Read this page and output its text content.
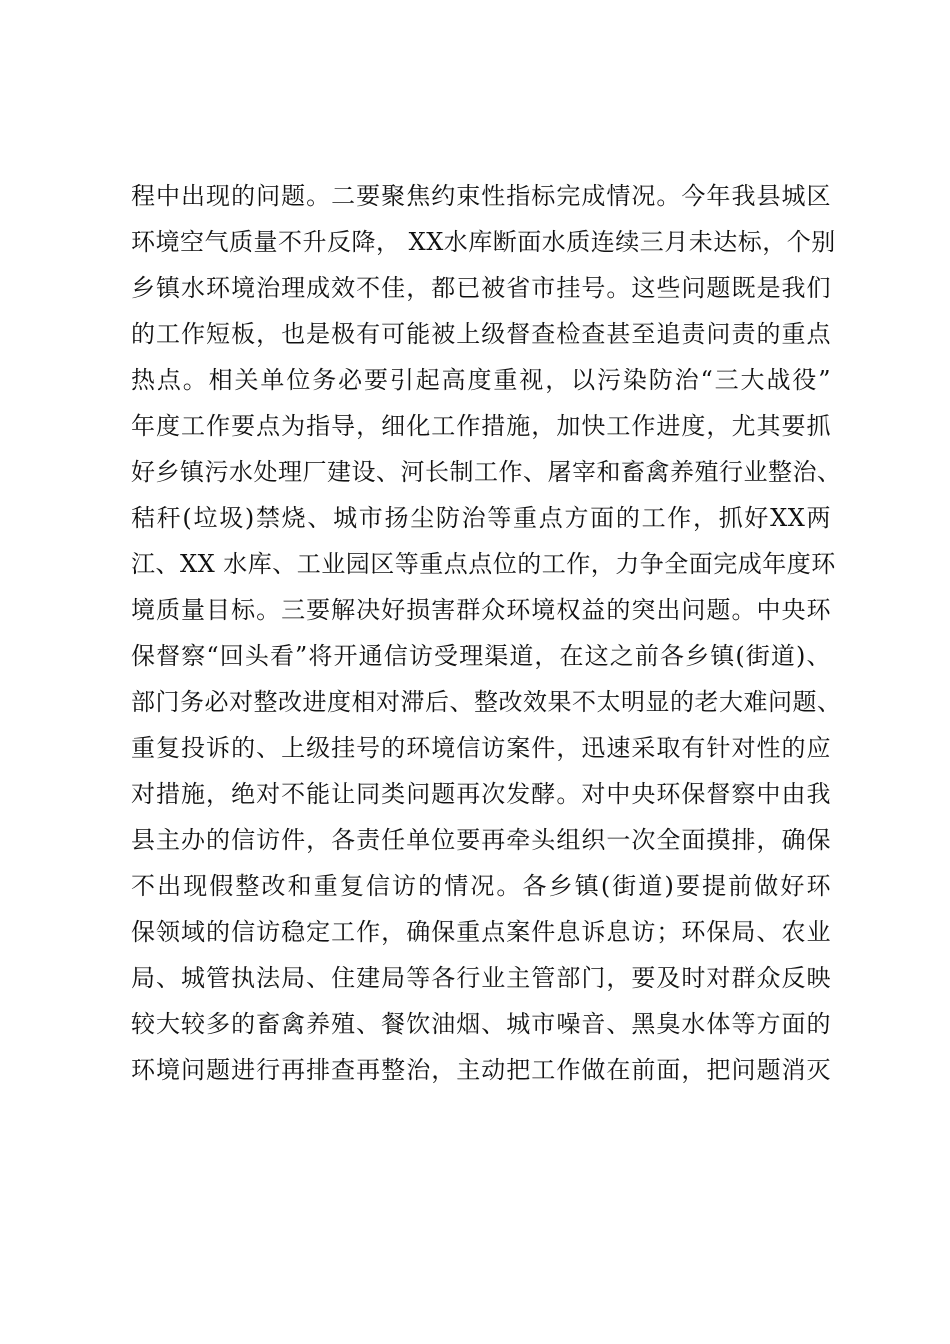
程中出现的问题。二要聚焦约束性指标完成情况。今年我县城区
环境空气质量不升反降， XX水库断面水质连续三月未达标，个别
乡镇水环境治理成效不佳，都已被省市挂号。这些问题既是我们
的工作短板，也是极有可能被上级督查检查甚至追责问责的重点
热点。相关单位务必要引起高度重视，以污染防治“三大战役”
年度工作要点为指导，细化工作措施，加快工作进度，尤其要抓
好乡镇污水处理厂建设、河长制工作、屠宰和畜禽养殖行业整治、
秸秆(垃圾)禁烧、城市扬尘防治等重点方面的工作，抓好XX两
江、XX 水库、工业园区等重点点位的工作，力争全面完成年度环
境质量目标。三要解决好损害群众环境权益的突出问题。中央环
保督察“回头看”将开通信访受理渠道，在这之前各乡镇(街道)、
部门务必对整改进度相对滞后、整改效果不太明显的老大难问题、
重复投诉的、上级挂号的环境信访案件，迅速采取有针对性的应
对措施，绝对不能让同类问题再次发酵。对中央环保督察中由我
县主办的信访件，各责任单位要再牵头组织一次全面摸排，确保
不出现假整改和重复信访的情况。各乡镇(街道)要提前做好环
保领域的信访稳定工作，确保重点案件息诉息访；环保局、农业
局、城管执法局、住建局等各行业主管部门，要及时对群众反映
较大较多的畜禽养殖、餐饮油烟、城市噪音、黑臭水体等方面的
环境问题进行再排查再整治，主动把工作做在前面，把问题消灭
